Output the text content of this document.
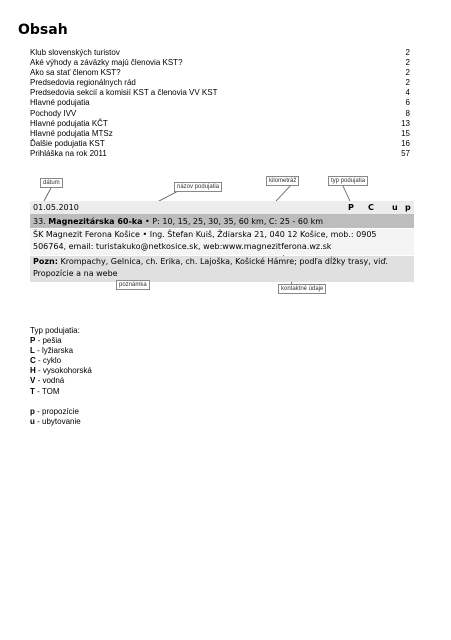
Obsah
Klub slovenských turistov	2
Aké výhody a záväzky majú členovia KST?	2
Ako sa stať členom KST?	2
Predsedovia regionálnych rád	2
Predsedovia sekcií a komisií KST a členovia VV KST	4
Hlavné podujatia	6
Pochody IVV	8
Hlavné podujatia KČT	13
Hlavné podujatia MTSz	15
Ďalšie podujatia KST	16
Prihláška na rok 2011	57
dátum
názov podujatia
kilometráž	typ podujatia
01.05.2010	P C u p
33. Magnezitárska 60-ka • P: 10, 15, 25, 30, 35, 60 km, C: 25 - 60 km
ŠK Magnezit Ferona Košice • Ing. Štefan Kuiš, Ždiarska 21, 040 12 Košice, mob.: 0905
506764, email: turistakuko@netkosice.sk, web:www.magnezitferona.wz.sk
Pozn: Krompachy, Gelnica, ch. Erika, ch. Lajoška, Košické Hámre; podľa dĺžky trasy, viď.
Propozície a na webe
poznámka
kontaktné údaje
Typ podujatia:
P - pešia
L - lyžiarska
C - cyklo
H - vysokohorská
V - vodná
T - TOM
p - propozície
u - ubytovanie
